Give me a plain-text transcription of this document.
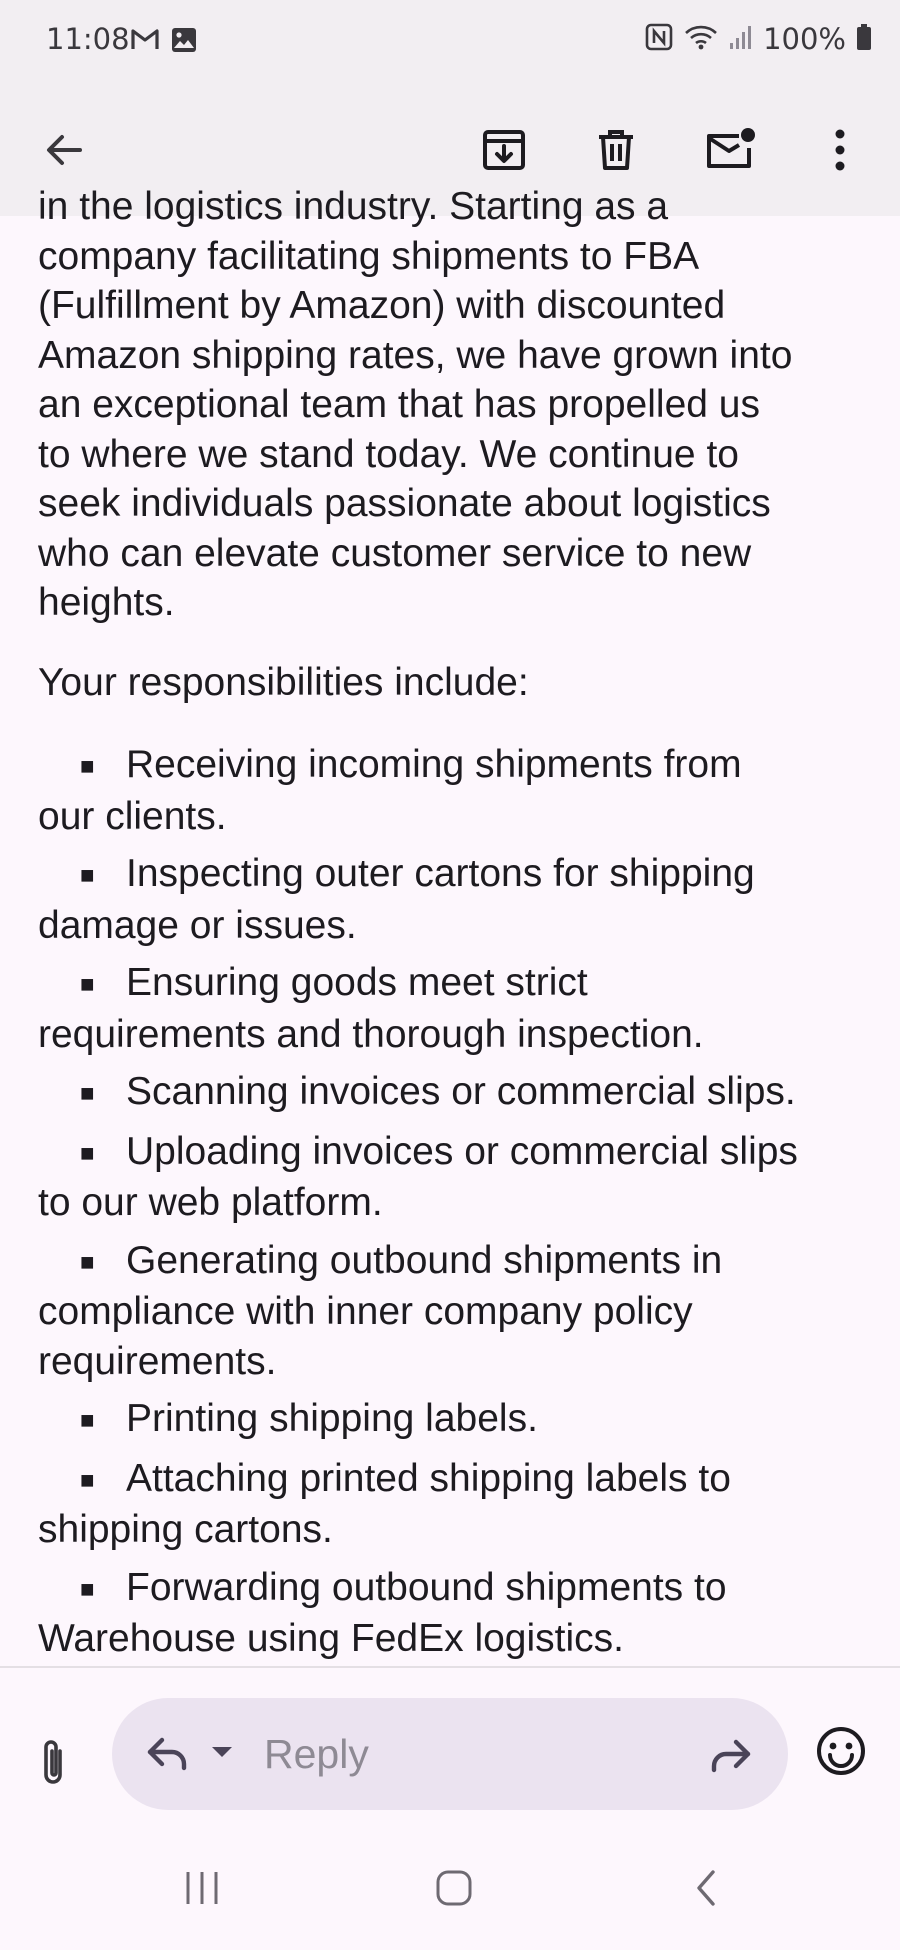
11:08	100%
in the logistics industry. Starting as a
company facilitating shipments to FBA
(Fulfillment by Amazon) with discounted
Amazon shipping rates, we have grown into
an exceptional team that has propelled us
to where we stand today. We continue to
seek individuals passionate about logistics
who can elevate customer service to new
heights.
Your responsibilities include:
■ Receiving incoming shipments from
our clients.
■ Inspecting outer cartons for shipping
damage or issues.
■ Ensuring goods meet strict
requirements and thorough inspection.
■ Scanning invoices or commercial slips.
■ Uploading invoices or commercial slips
to our web platform.
■ Generating outbound shipments in
compliance with inner company policy
requirements.
■ Printing shipping labels.
■ Attaching printed shipping labels to
shipping cartons.
■ Forwarding outbound shipments to
Warehouse using FedEx logistics.
Reply
